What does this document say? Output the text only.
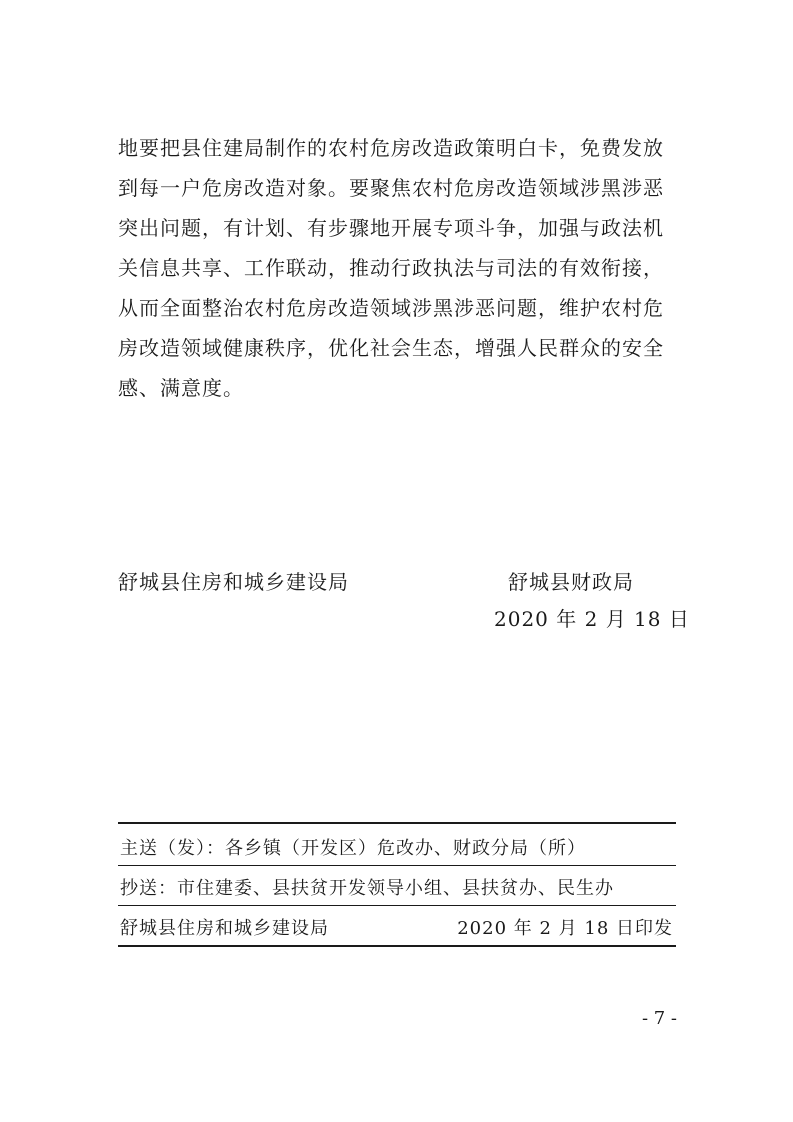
地要把县住建局制作的农村危房改造政策明白卡，免费发放
到每一户危房改造对象。要聚焦农村危房改造领域涉黑涉恶
突出问题，有计划、有步骤地开展专项斗争，加强与政法机
关信息共享、工作联动，推动行政执法与司法的有效衔接，
从而全面整治农村危房改造领域涉黑涉恶问题，维护农村危
房改造领域健康秩序，优化社会生态，增强人民群众的安全
感、满意度。
舒城县住房和城乡建设局	舒城县财政局
2020 年 2 月 18 日
主送（发）：各乡镇（开发区）危改办、财政分局（所）
抄送：市住建委、县扶贫开发领导小组、县扶贫办、民生办
舒城县住房和城乡建设局	2020 年 2 月 18 日印发
- 7 -
